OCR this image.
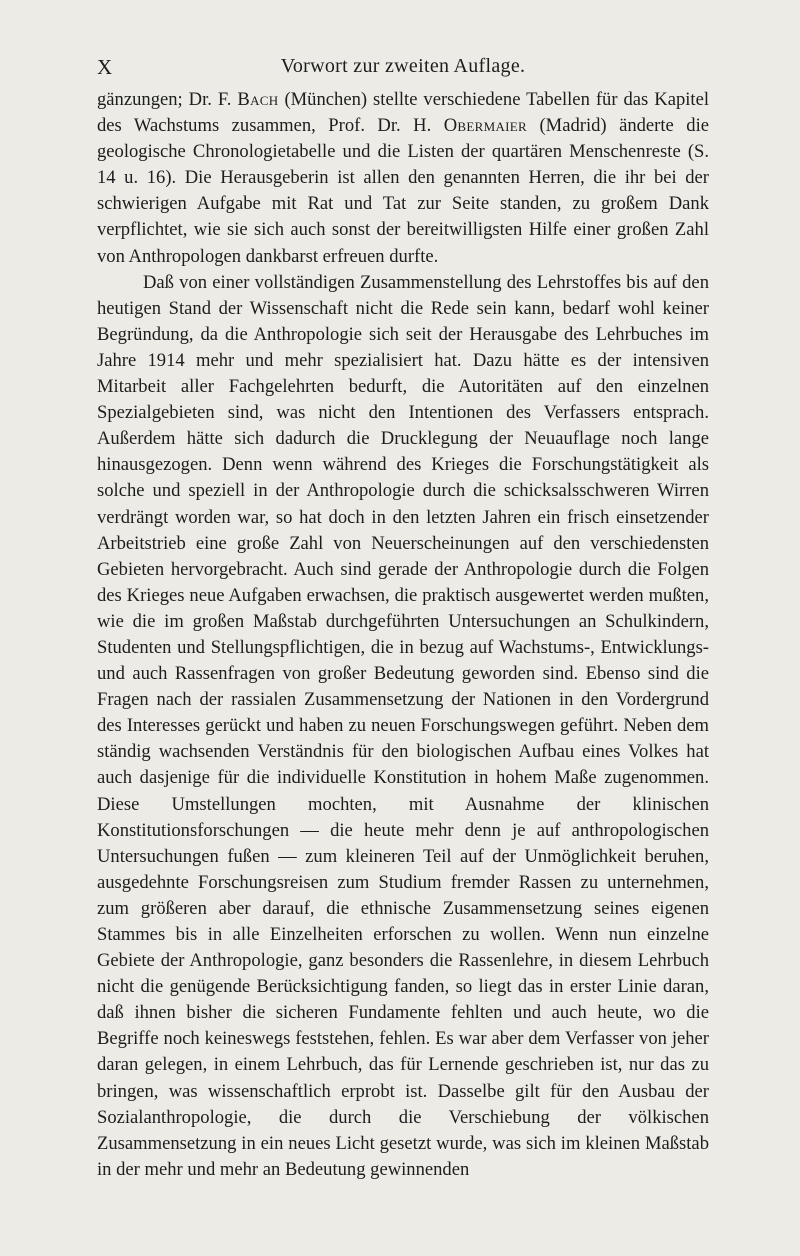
X	Vorwort zur zweiten Auflage.

gänzungen; Dr. F. Bach (München) stellte verschiedene Tabellen für das Kapitel des Wachstums zusammen, Prof. Dr. H. Obermaier (Madrid) änderte die geologische Chronologietabelle und die Listen der quartären Menschenreste (S. 14 u. 16). Die Herausgeberin ist allen den genannten Herren, die ihr bei der schwierigen Aufgabe mit Rat und Tat zur Seite standen, zu großem Dank verpflichtet, wie sie sich auch sonst der bereitwilligsten Hilfe einer großen Zahl von Anthropologen dankbarst erfreuen durfte.

Daß von einer vollständigen Zusammenstellung des Lehrstoffes bis auf den heutigen Stand der Wissenschaft nicht die Rede sein kann, bedarf wohl keiner Begründung, da die Anthropologie sich seit der Herausgabe des Lehrbuches im Jahre 1914 mehr und mehr spezialisiert hat. Dazu hätte es der intensiven Mitarbeit aller Fachgelehrten bedurft, die Autoritäten auf den einzelnen Spezialgebieten sind, was nicht den Intentionen des Verfassers entsprach. Außerdem hätte sich dadurch die Drucklegung der Neuauflage noch lange hinausgezogen. Denn wenn während des Krieges die Forschungstätigkeit als solche und speziell in der Anthropologie durch die schicksalsschweren Wirren verdrängt worden war, so hat doch in den letzten Jahren ein frisch einsetzender Arbeitstrieb eine große Zahl von Neuerscheinungen auf den verschiedensten Gebieten hervorgebracht. Auch sind gerade der Anthropologie durch die Folgen des Krieges neue Aufgaben erwachsen, die praktisch ausgewertet werden mußten, wie die im großen Maßstab durchgeführten Untersuchungen an Schulkindern, Studenten und Stellungspflichtigen, die in bezug auf Wachstums-, Entwicklungs- und auch Rassenfragen von großer Bedeutung geworden sind. Ebenso sind die Fragen nach der rassialen Zusammensetzung der Nationen in den Vordergrund des Interesses gerückt und haben zu neuen Forschungswegen geführt. Neben dem ständig wachsenden Verständnis für den biologischen Aufbau eines Volkes hat auch dasjenige für die individuelle Konstitution in hohem Maße zugenommen. Diese Umstellungen mochten, mit Ausnahme der klinischen Konstitutionsforschungen — die heute mehr denn je auf anthropologischen Untersuchungen fußen — zum kleineren Teil auf der Unmöglichkeit beruhen, ausgedehnte Forschungsreisen zum Studium fremder Rassen zu unternehmen, zum größeren aber darauf, die ethnische Zusammensetzung seines eigenen Stammes bis in alle Einzelheiten erforschen zu wollen. Wenn nun einzelne Gebiete der Anthropologie, ganz besonders die Rassenlehre, in diesem Lehrbuch nicht die genügende Berücksichtigung fanden, so liegt das in erster Linie daran, daß ihnen bisher die sicheren Fundamente fehlten und auch heute, wo die Begriffe noch keineswegs feststehen, fehlen. Es war aber dem Verfasser von jeher daran gelegen, in einem Lehrbuch, das für Lernende geschrieben ist, nur das zu bringen, was wissenschaftlich erprobt ist. Dasselbe gilt für den Ausbau der Sozialanthropologie, die durch die Verschiebung der völkischen Zusammensetzung in ein neues Licht gesetzt wurde, was sich im kleinen Maßstab in der mehr und mehr an Bedeutung gewinnenden
